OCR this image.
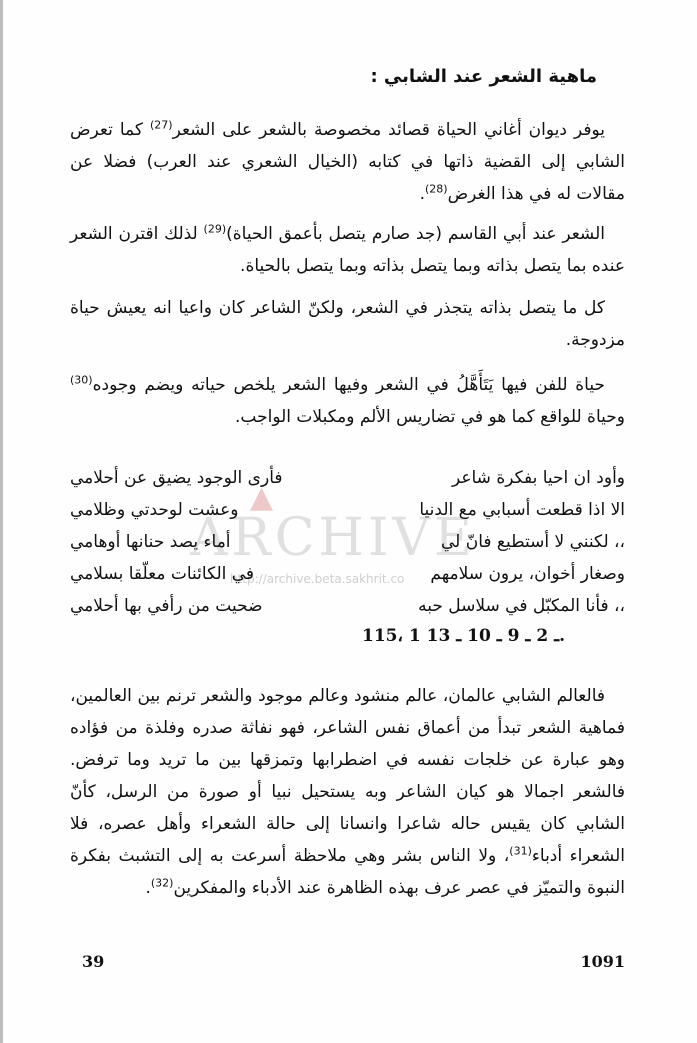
ماهية الشعر عند الشابي :
يوفر ديوان أغاني الحياة قصائد مخصوصة بالشعر على الشعر$^{(27)}$ كما تعرض الشابي إلى القضية ذاتها في كتابه (الخيال الشعري عند العرب) فضلا عن مقالات له في هذا الغرض$^{(28)}$.
الشعر عند أبي القاسم (جد صارم يتصل بأعمق الحياة)$^{(29)}$ لذلك اقترن الشعر عنده بما يتصل بذاته وبما يتصل بذاته وبما يتصل بالحياة.
كل ما يتصل بذاته يتجذر في الشعر، ولكنّ الشاعر كان واعيا انه يعيش حياة مزدوجة.
حياة للفن فيها يَتَأَهَّلُ في الشعر وفيها الشعر يلخص حياته ويضم وجوده$^{(30)}$ وحياة للواقع كما هو في تضاريس الألم ومكبلات الواجب.
▲
ARCHIVE
http://archive.beta.sakhrit.co
وأود ان احيا بفكرة شاعر
فأرى الوجود يضيق عن أحلامي
الا اذا قطعت أسبابي مع الدنيا
وعشت لوحدتي وظلامي
،، لكنني لا أستطيع فانّ لي
أماء يصد حنانها أوهامي
وصغار أخوان، يرون سلامهم
في الكائنات معلّقا بسلامي
،، فأنا المكبّل في سلاسل حبه
ضحيت من رأفي بها أحلامي
115، 1 ـ 2 ـ 9 ـ 10 ـ 13.
فالعالم الشابي عالمان، عالم منشود وعالم موجود والشعر ترنم بين العالمين، فماهية الشعر تبدأ من أعماق نفس الشاعر، فهو نفاثة صدره وفلذة من فؤاده وهو عبارة عن خلجات نفسه في اضطرابها وتمزقها بين ما تريد وما ترفض. فالشعر اجمالا هو كيان الشاعر وبه يستحيل نبيا أو صورة من الرسل، كأنّ الشابي كان يقيس حاله شاعرا وانسانا إلى حالة الشعراء وأهل عصره، فلا الشعراء أدباء$^{(31)}$، ولا الناس بشر وهي ملاحظة أسرعت به إلى التشبث بفكرة النبوة والتميّز في عصر عرف بهذه الظاهرة عند الأدباء والمفكرين$^{(32)}$.
39	1091
